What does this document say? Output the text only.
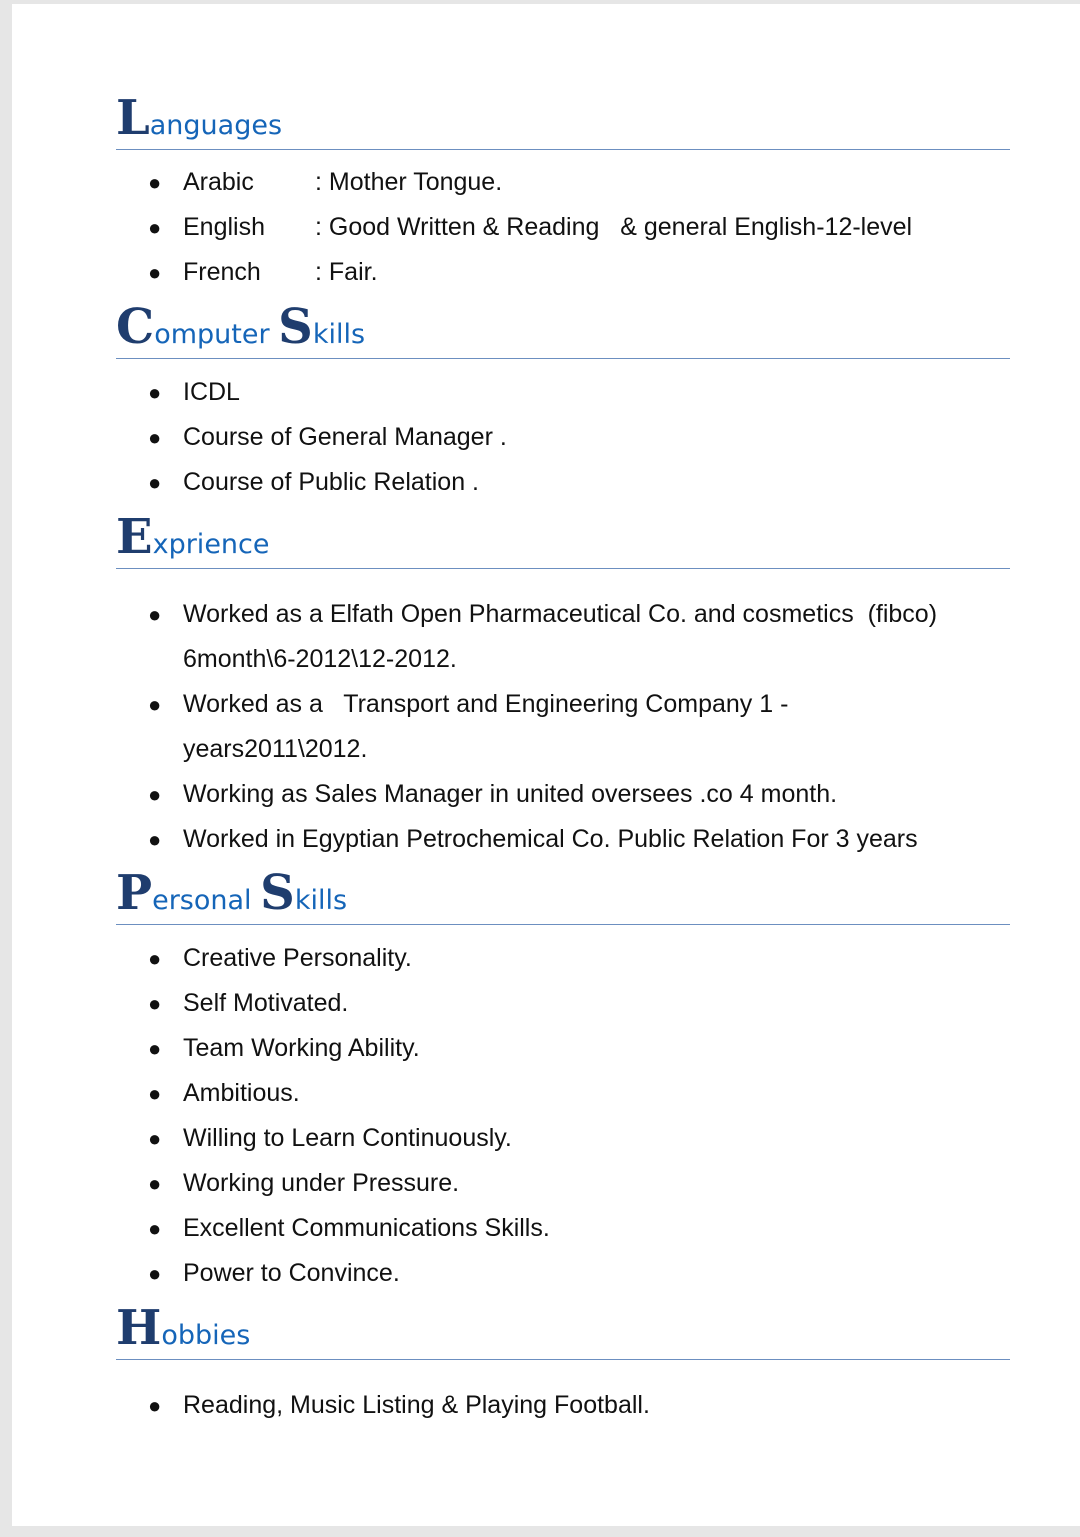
Languages
● Arabic : Mother Tongue.
● English : Good Written & Reading   & general English-12-level
● French : Fair.
Computer Skills
● ICDL
● Course of General Manager .
● Course of Public Relation .
Exprience
● Worked as a Elfath Open Pharmaceutical Co. and cosmetics  (fibco) 6month\6-2012\12-2012.
● Worked as a   Transport and Engineering Company 1 - years2011\2012.
● Working as Sales Manager in united oversees .co 4 month.
● Worked in Egyptian Petrochemical Co. Public Relation For 3 years
Personal Skills
● Creative Personality.
● Self Motivated.
● Team Working Ability.
● Ambitious.
● Willing to Learn Continuously.
● Working under Pressure.
● Excellent Communications Skills.
● Power to Convince.
Hobbies
● Reading, Music Listing & Playing Football.
